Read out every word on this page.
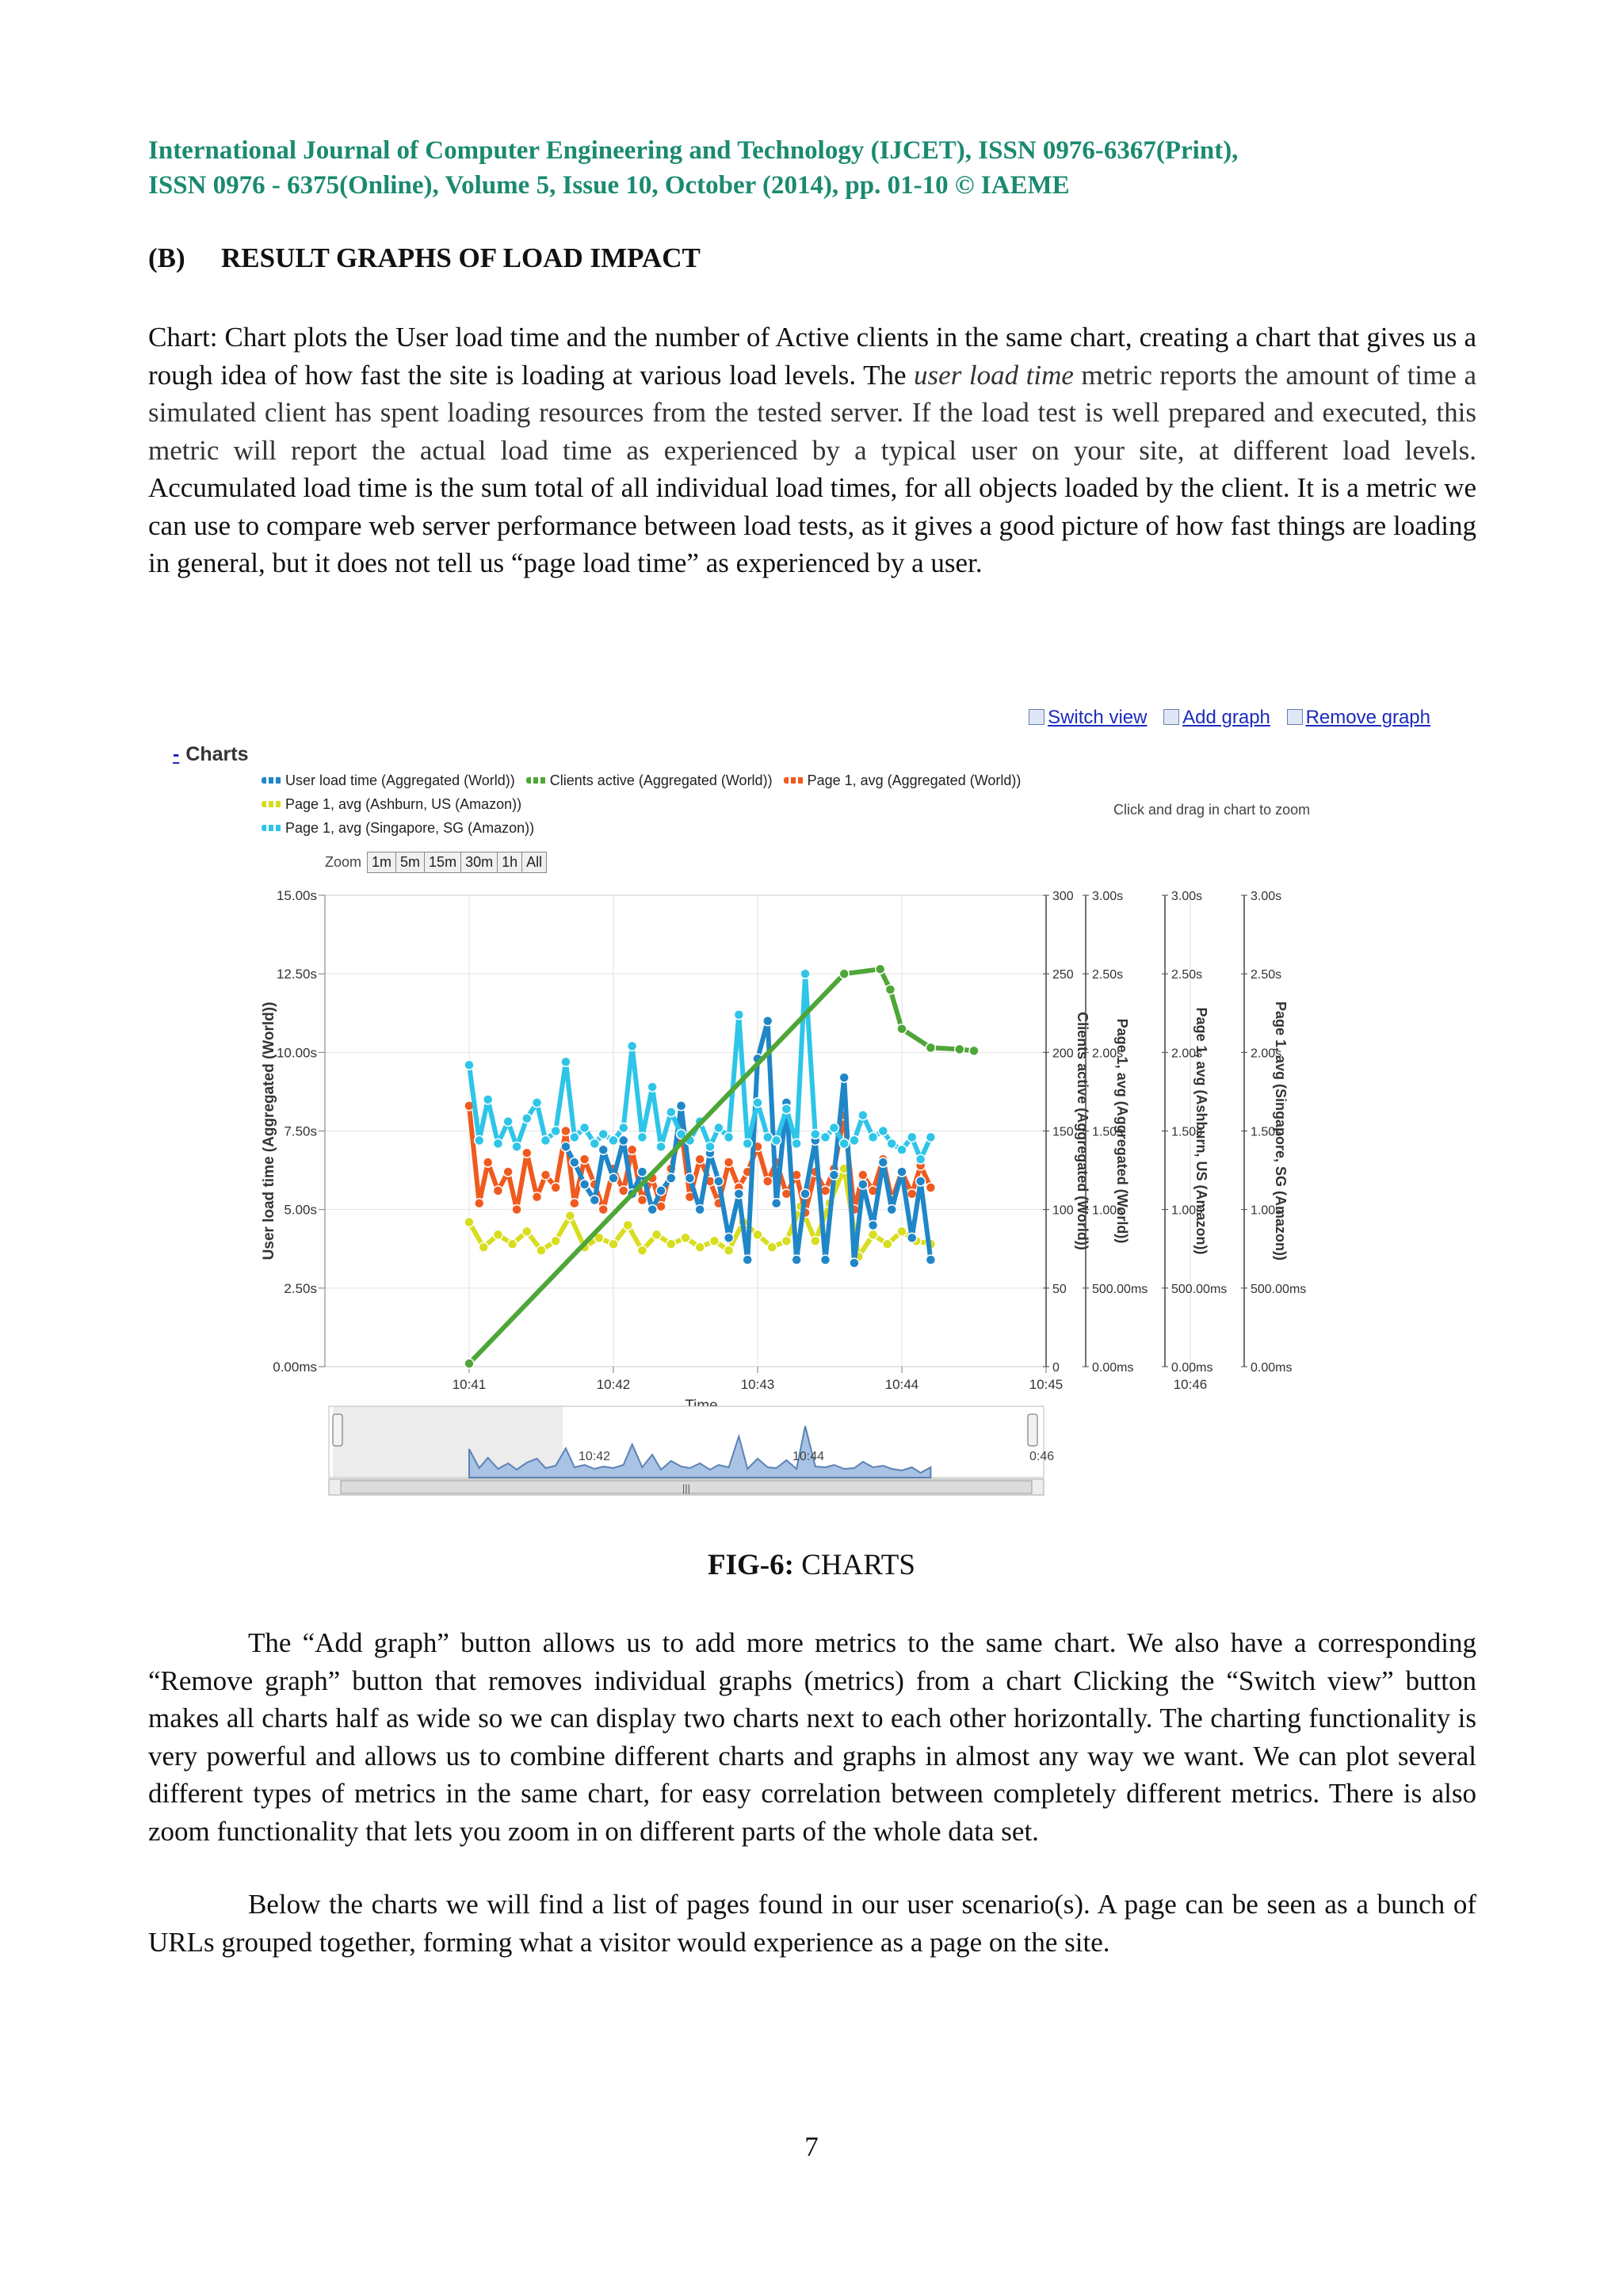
International Journal of Computer Engineering and Technology (IJCET), ISSN 0976-6367(Print),
ISSN 0976 - 6375(Online), Volume 5, Issue 10, October (2014), pp. 01-10 © IAEME
(B) RESULT GRAPHS OF LOAD IMPACT
Chart: Chart plots the User load time and the number of Active clients in the same chart, creating a chart that gives us a rough idea of how fast the site is loading at various load levels. The user load time metric reports the amount of time a simulated client has spent loading resources from the tested server. If the load test is well prepared and executed, this metric will report the actual load time as experienced by a typical user on your site, at different load levels. Accumulated load time is the sum total of all individual load times, for all objects loaded by the client. It is a metric we can use to compare web server performance between load tests, as it gives a good picture of how fast things are loading in general, but it does not tell us “page load time” as experienced by a user.
Switch view Add graph Remove graph
- Charts
User load time (Aggregated (World)) Clients active (Aggregated (World)) Page 1, avg (Aggregated (World))Page 1, avg (Ashburn, US (Amazon))
Page 1, avg (Singapore, SG (Amazon))
Click and drag in chart to zoom
Zoom 1m 5m 15m 30m 1h All
0.00ms
2.50s
5.00s
7.50s
10.00s
12.50s
15.00s
10:41	10:42	10:43	10:44	10:45	10:46
User load time (Aggregated (World))
0
50
100
150
200
250
300
Clients active (Aggregated (World))
0.00ms
500.00ms
1.00s
1.50s
2.00s
2.50s
3.00s
Page 1, avg (Aggregated (World))
0.00ms
500.00ms
1.00s
1.50s
2.00s
2.50s
3.00s
Page 1, avg (Ashburn, US (Amazon))
0.00ms
500.00ms
1.00s
1.50s
2.00s
2.50s
3.00s
Page 1, avg (Singapore, SG (Amazon))
10:42	10:44	0:46
|||
FIG-6: CHARTS
The “Add graph” button allows us to add more metrics to the same chart. We also have a corresponding “Remove graph” button that removes individual graphs (metrics) from a chart Clicking the “Switch view” button makes all charts half as wide so we can display two charts next to each other horizontally. The charting functionality is very powerful and allows us to combine different charts and graphs in almost any way we want. We can plot several different types of metrics in the same chart, for easy correlation between completely different metrics. There is also zoom functionality that lets you zoom in on different parts of the whole data set.
Below the charts we will find a list of pages found in our user scenario(s). A page can be seen as a bunch of URLs grouped together, forming what a visitor would experience as a page on the site.
7
